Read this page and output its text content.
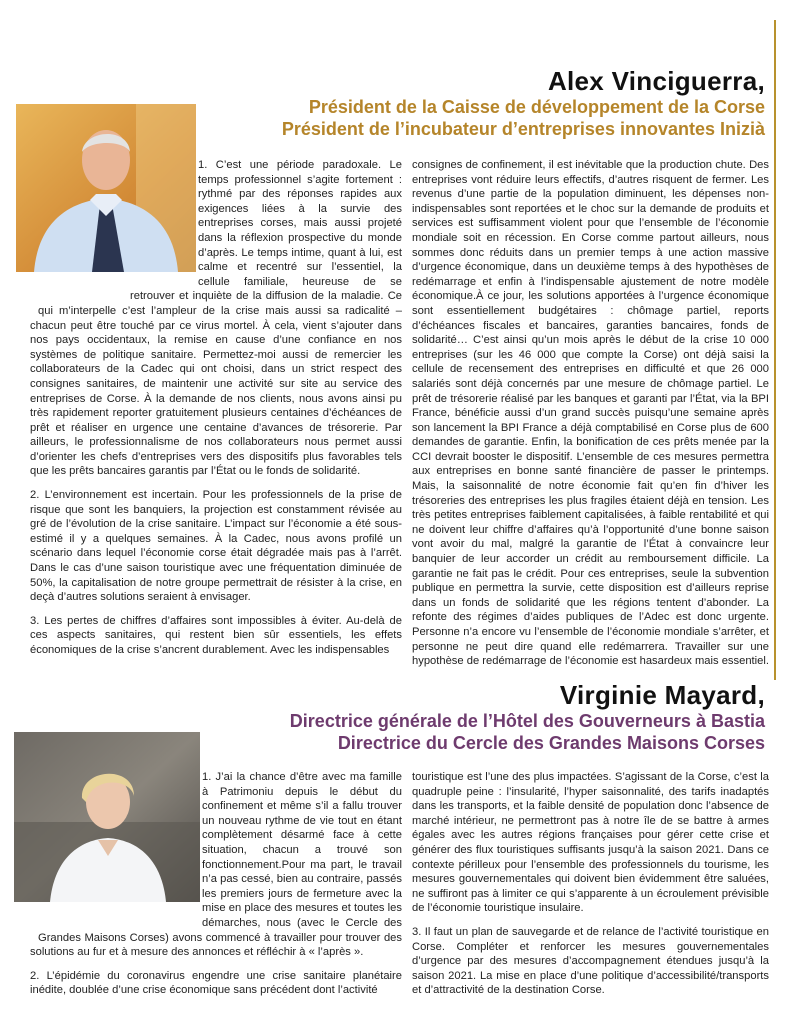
Alex Vinciguerra,
Président de la Caisse de développement de la Corse
Président de l’incubateur d’entreprises innovantes Inizià

1. C’est une période paradoxale. Le temps professionnel s’agite fortement : rythmé par des réponses rapides aux exigences liées à la survie des entreprises corses, mais aussi projeté dans la réflexion prospective du monde d’après. Le temps intime, quant à lui, est calme et recentré sur l’essentiel, la cellule familiale, heureuse de se retrouver et inquiète de la diffusion de la maladie. Ce qui m’interpelle c’est l’ampleur de la crise mais aussi sa radicalité – chacun peut être touché par ce virus mortel. À cela, vient s’ajouter dans nos pays occidentaux, la remise en cause d’une confiance en nos systèmes de politique sanitaire. Permettez-moi aussi de remercier les collaborateurs de la Cadec qui ont choisi, dans un strict respect des consignes sanitaires, de maintenir une activité sur site au service des entreprises de Corse. À la demande de nos clients, nous avons ainsi pu très rapidement reporter gratuitement plusieurs centaines d’échéances de prêt et réaliser en urgence une centaine d’avances de trésorerie. Par ailleurs, le professionnalisme de nos collaborateurs nous permet aussi d’orienter les chefs d’entreprises vers des dispositifs plus favorables tels que les prêts bancaires garantis par l’État ou le fonds de solidarité.

2. L’environnement est incertain. Pour les professionnels de la prise de risque que sont les banquiers, la projection est constamment révisée au gré de l’évolution de la crise sanitaire. L’impact sur l’économie a été sous-estimé il y a quelques semaines. À la Cadec, nous avons profilé un scénario dans lequel l’économie corse était dégradée mais pas à l’arrêt. Dans le cas d’une saison touristique avec une fréquentation diminuée de 50%, la capitalisation de notre groupe permettrait de résister à la crise, en deçà d’autres solutions seraient à envisager.

3. Les pertes de chiffres d’affaires sont impossibles à éviter. Au-delà de ces aspects sanitaires, qui restent bien sûr essentiels, les effets économiques de la crise s’ancrent durablement. Avec les indispensables

consignes de confinement, il est inévitable que la production chute. Des entreprises vont réduire leurs effectifs, d’autres risquent de fermer. Les revenus d’une partie de la population diminuent, les dépenses non-indispensables sont reportées et le choc sur la demande de produits et services est suffisamment violent pour que l’ensemble de l’économie mondiale soit en récession. En Corse comme partout ailleurs, nous sommes donc réduits dans un premier temps à une action massive d’urgence économique, dans un deuxième temps à des hypothèses de redémarrage et enfin à l’indispensable ajustement de notre modèle économique.À ce jour, les solutions apportées à l’urgence économique sont essentiellement budgétaires : chômage partiel, reports d’échéances fiscales et bancaires, garanties bancaires, fonds de solidarité… C’est ainsi qu’un mois après le début de la crise 10 000 entreprises (sur les 46 000 que compte la Corse) ont déjà saisi la cellule de recensement des entreprises en difficulté et que 26 000 salariés sont déjà concernés par une mesure de chômage partiel. Le prêt de trésorerie réalisé par les banques et garanti par l’État, via la BPI France, bénéficie aussi d’un grand succès puisqu’une semaine après son lancement la BPI France a déjà comptabilisé en Corse plus de 600 demandes de garantie. Enfin, la bonification de ces prêts menée par la CCI devrait booster le dispositif. L’ensemble de ces mesures permettra aux entreprises en bonne santé financière de passer le printemps. Mais, la saisonnalité de notre économie fait qu’en fin d’hiver les trésoreries des entreprises les plus fragiles étaient déjà en tension. Les très petites entreprises faiblement capitalisées, à faible rentabilité et qui ne doivent leur chiffre d’affaires qu’à l’opportunité d’une bonne saison vont avoir du mal, malgré la garantie de l’État à convaincre leur banquier de leur accorder un crédit au remboursement difficile. La garantie ne fait pas le crédit. Pour ces entreprises, seule la subvention publique en permettra la survie, cette disposition est d’ailleurs reprise dans un fonds de solidarité que les régions tentent d’abonder. La refonte des régimes d’aides publiques de l’Adec est donc urgente. Personne n’a encore vu l’ensemble de l’économie mondiale s’arrêter, et personne ne peut dire quand elle redémarrera. Travailler sur une hypothèse de redémarrage de l’économie est hasardeux mais essentiel.

Virginie Mayard,
Directrice générale de l’Hôtel des Gouverneurs à Bastia
Directrice du Cercle des Grandes Maisons Corses

1. J’ai la chance d’être avec ma famille à Patrimoniu depuis le début du confinement et même s’il a fallu trouver un nouveau rythme de vie tout en étant complètement désarmé face à cette situation, chacun a trouvé son fonctionnement.Pour ma part, le travail n’a pas cessé, bien au contraire, passés les premiers jours de fermeture avec la mise en place des mesures et toutes les démarches, nous (avec le Cercle des Grandes Maisons Corses) avons commencé à travailler pour trouver des solutions au fur et à mesure des annonces et réfléchir à « l’après ».

2. L’épidémie du coronavirus engendre une crise sanitaire planétaire inédite, doublée d’une crise économique sans précédent dont l’activité

touristique est l’une des plus impactées. S’agissant de la Corse, c’est la quadruple peine : l’insularité, l’hyper saisonnalité, des tarifs inadaptés dans les transports, et la faible densité de population donc l’absence de marché intérieur, ne permettront pas à notre île de se battre à armes égales avec les autres régions françaises pour gérer cette crise et générer des flux touristiques suffisants jusqu’à la saison 2021. Dans ce contexte périlleux pour l’ensemble des professionnels du tourisme, les mesures gouvernementales qui doivent bien évidemment être saluées, ne suffiront pas à limiter ce qui s’apparente à un écroulement prévisible de l’économie touristique insulaire.

3. Il faut un plan de sauvegarde et de relance de l’activité touristique en Corse. Compléter et renforcer les mesures gouvernementales d’urgence par des mesures d’accompagnement étendues jusqu’à la saison 2021. La mise en place d’une politique d’accessibilité/transports et d’attractivité de la destination Corse.
